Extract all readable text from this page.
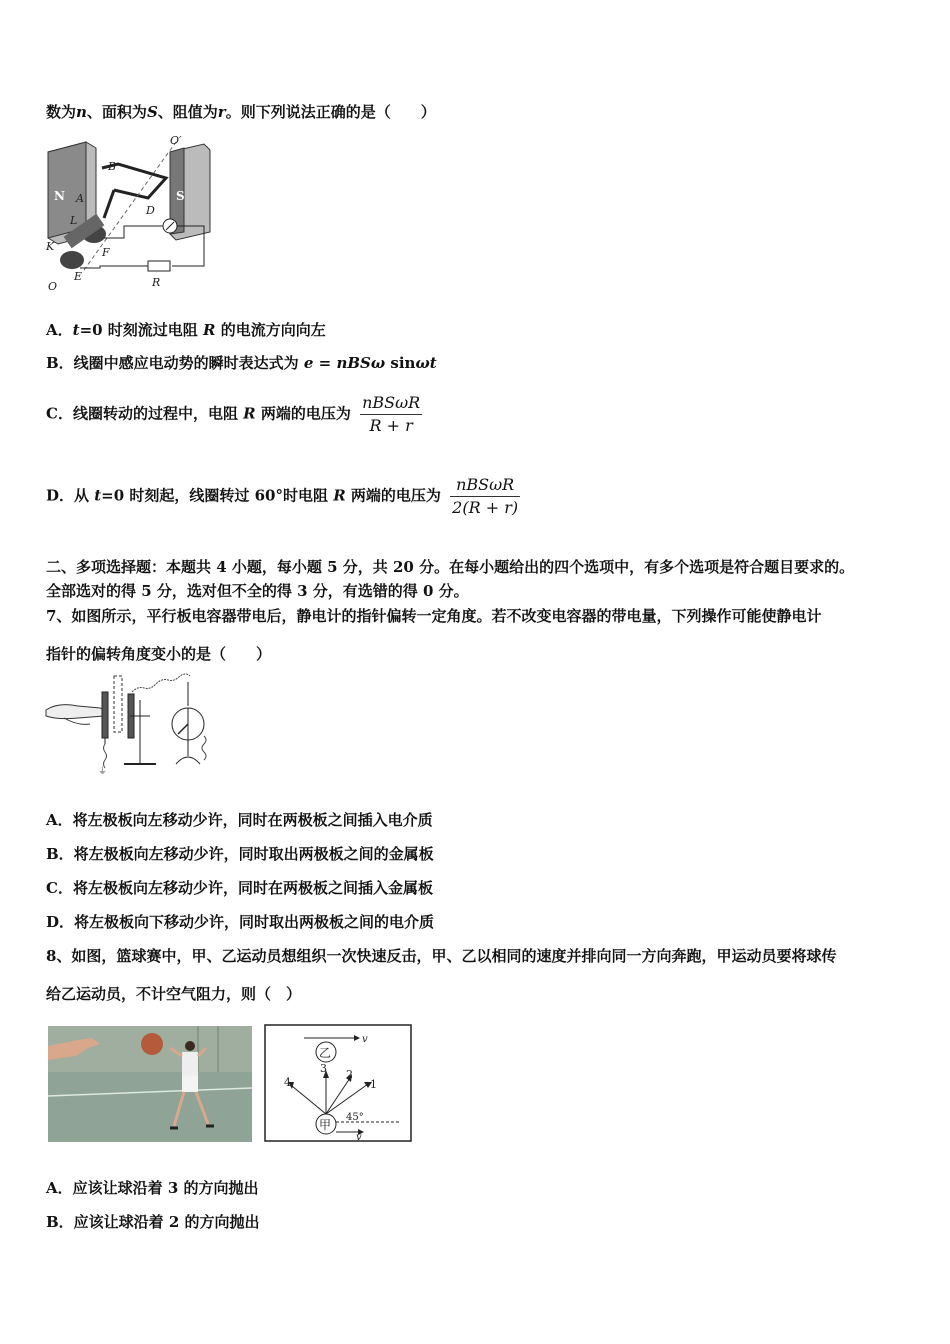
数为n、面积为S、阻值为r。则下列说法正确的是（　　）
O′
B
N A
L
S
D
K	F
O
E	R
A．t=0 时刻流过电阻 R 的电流方向向左
B．线圈中感应电动势的瞬时表达式为 e = nBSω sinωt
C．线圈转动的过程中，电阻 R 两端的电压为 $\frac{\text{nBSωR}}{R + r}$
D．从 t=0 时刻起，线圈转过 60°时电阻 R 两端的电压为 $\frac{\text{nBSωR}}{2(R + r)}$
二、多项选择题：本题共 4 小题，每小题 5 分，共 20 分。在每小题给出的四个选项中，有多个选项是符合题目要求的。
全部选对的得 5 分，选对但不全的得 3 分，有选错的得 0 分。
7、如图所示，平行板电容器带电后，静电计的指针偏转一定角度。若不改变电容器的带电量，下列操作可能使静电计
指针的偏转角度变小的是（　　）
⏚
A．将左极板向左移动少许，同时在两极板之间插入电介质
B．将左极板向左移动少许，同时取出两极板之间的金属板
C．将左极板向左移动少许，同时在两极板之间插入金属板
D．将左极板向下移动少许，同时取出两极板之间的电介质
8、如图，篮球赛中，甲、乙运动员想组织一次快速反击，甲、乙以相同的速度并排向同一方向奔跑，甲运动员要将球传
给乙运动员，不计空气阻力，则（　）
乙
v
甲
v
3 2
1
4
45°
A．应该让球沿着 3 的方向抛出
B．应该让球沿着 2 的方向抛出
